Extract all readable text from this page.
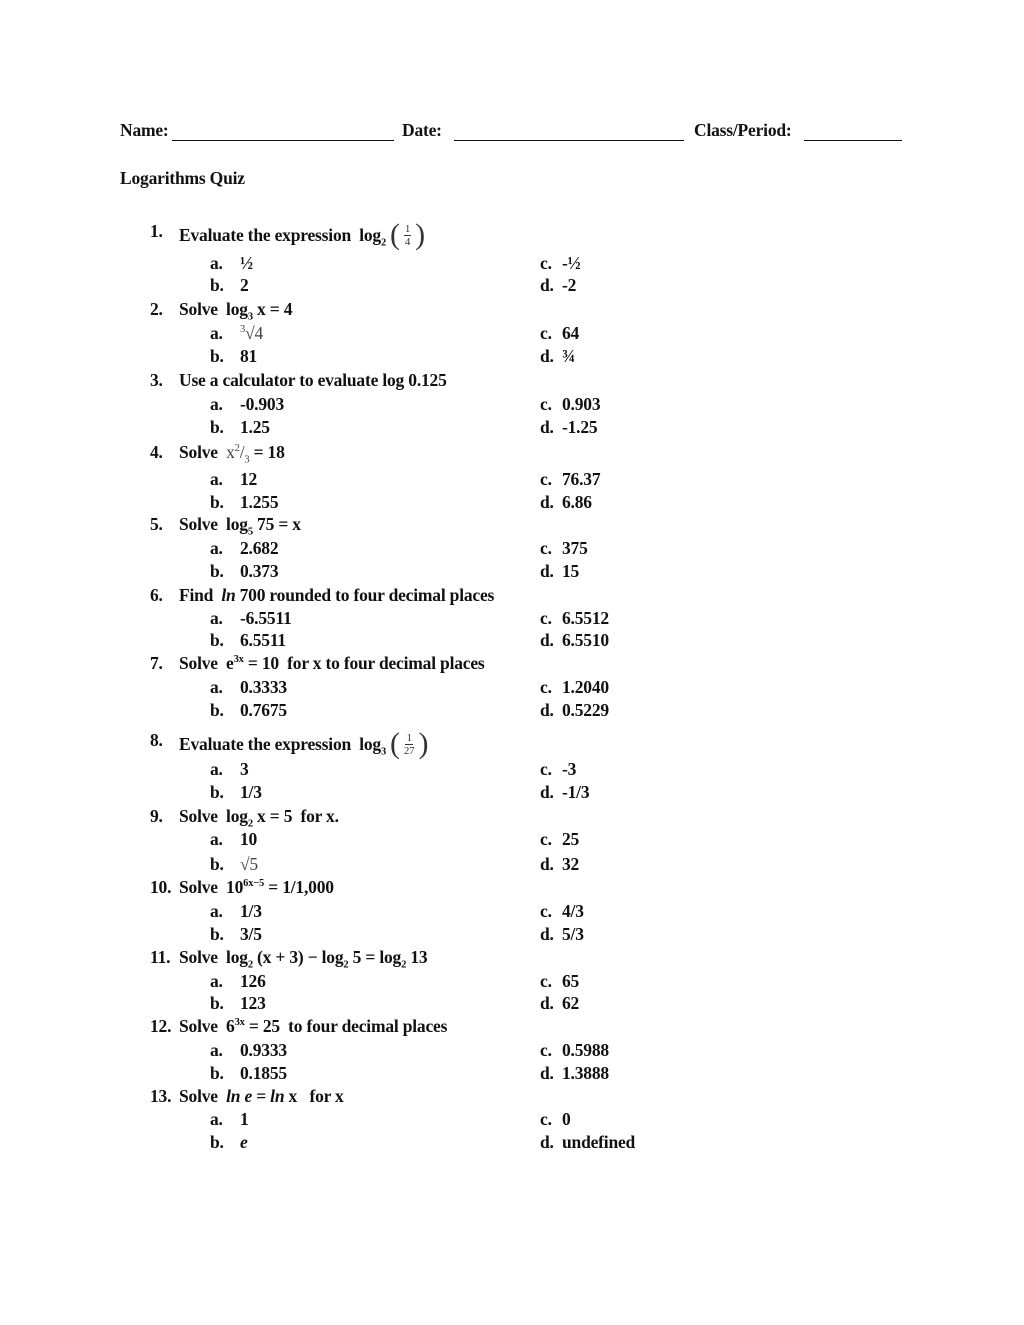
Name:	Date:	Class/Period:
Logarithms Quiz
1. Evaluate the expression $\log_2$ ( $\frac{1}{4}$ )
a. ½	c. -½
b. 2	d. -2
2. Solve $\log_3 x = 4$
a.	$^3$√4	c. 64
b. 81	d. ¾
3. Use a calculator to evaluate log 0.125
a. -0.903	c. 0.903
b. 1.25	d. -1.25
4. Solve $x^2/_3 = 18$
a. 12	c. 76.37
b. 1.255	d. 6.86
5. Solve $\log_5 75 = x$
a. 2.682	c. 375
b. 0.373	d. 15
6. Find ln 700 rounded to four decimal places
a. -6.5511	c. 6.5512
b. 6.5511	d. 6.5510
7. Solve $e^{3x} = 10$ for x to four decimal places
a. 0.3333	c. 1.2040
b. 0.7675	d. 0.5229
8. Evaluate the expression $\log_3$ ( $\frac{1}{27}$ )
a. 3	c. -3
b. 1/3	d. -1/3
9. Solve $\log_2 x = 5$ for x.
a. 10	c. 25
b. √5	d. 32
10. Solve $10^{6x-5} = 1/1,000$
a. 1/3	c. 4/3
b. 3/5	d. 5/3
11. Solve $\log_2 (x + 3) - \log_2 5 = \log_2 13$
a. 126	c. 65
b. 123	d. 62
12. Solve $6^{3x} = 25$ to four decimal places
a. 0.9333	c. 0.5988
b. 0.1855	d. 1.3888
13. Solve ln e = ln x for x
a. 1	c. 0
b. e	d. undefined
